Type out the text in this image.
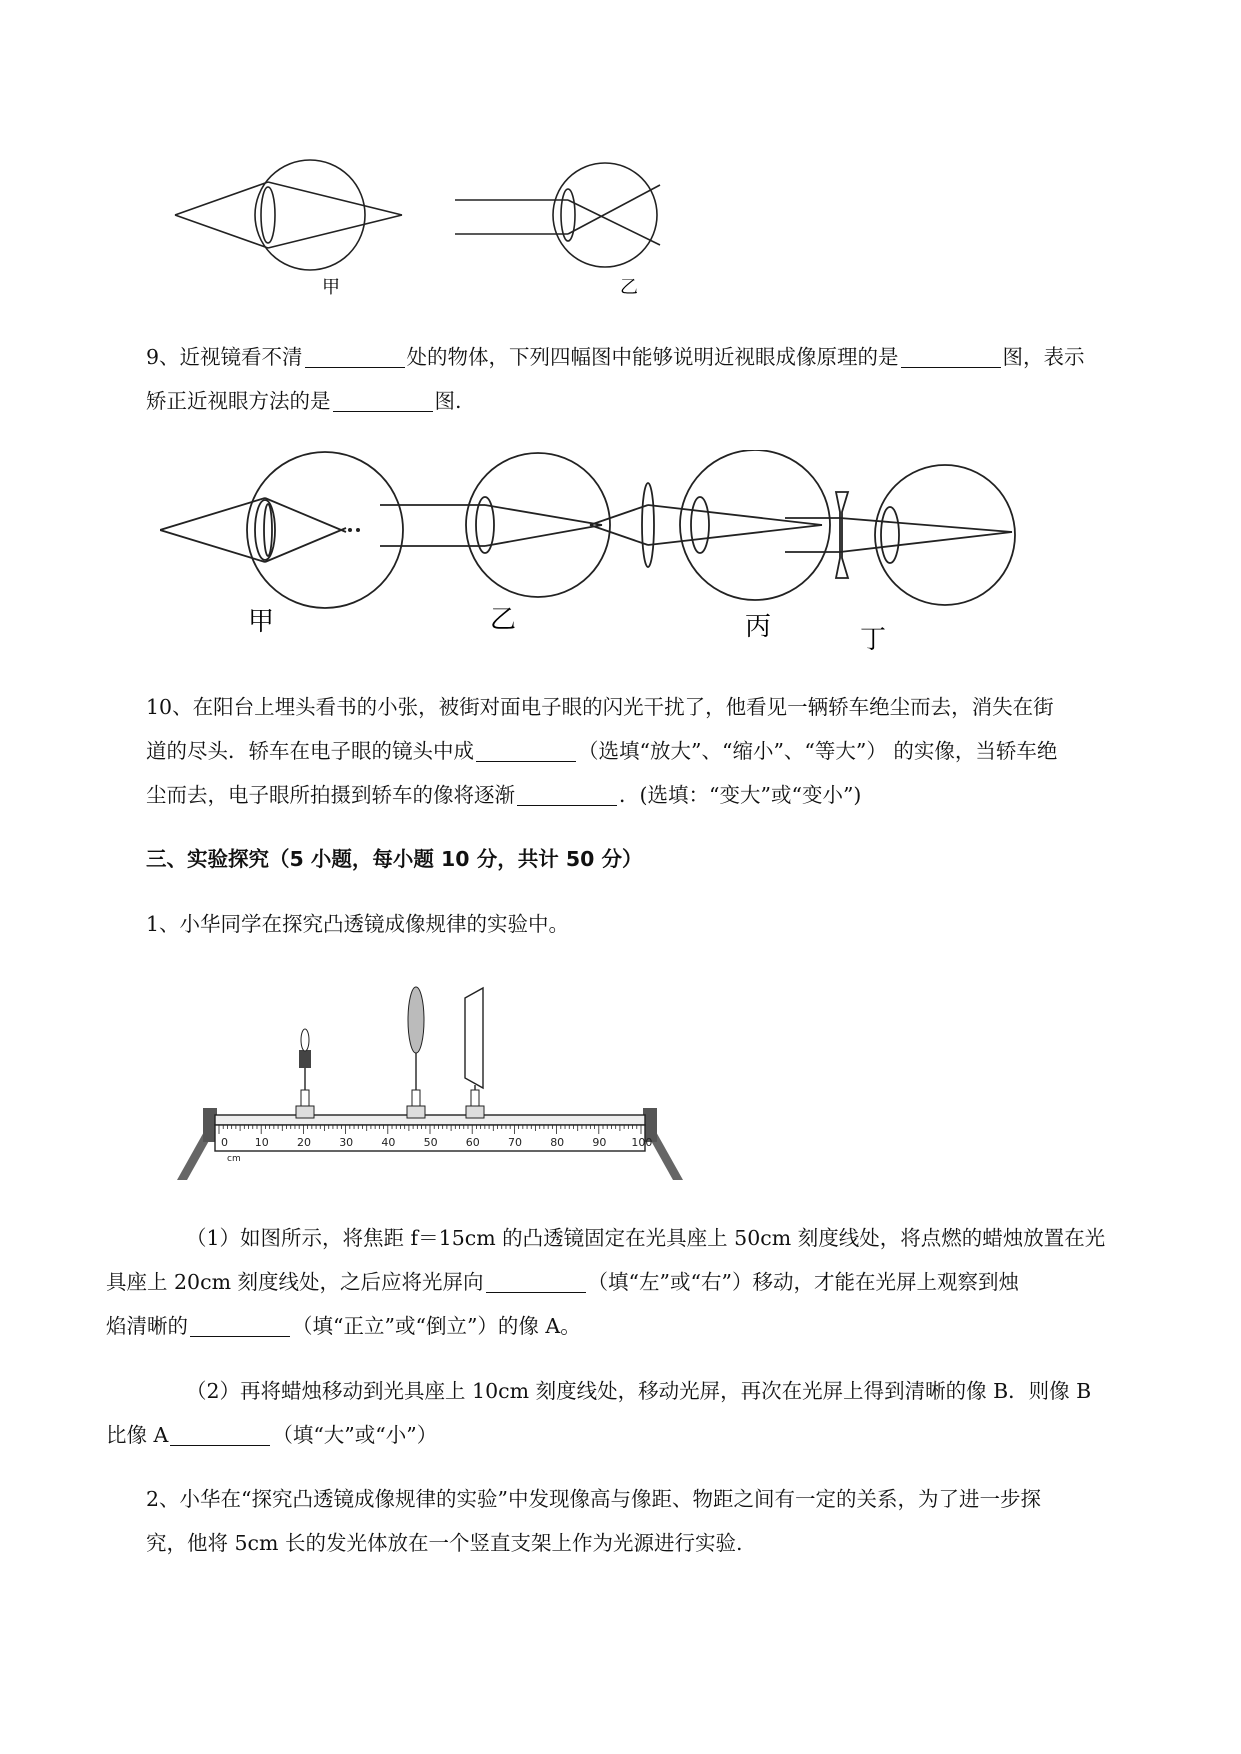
甲	乙
9、近视镜看不清	处的物体，下列四幅图中能够说明近视眼成像原理的是	图，表示
矫正近视眼方法的是	图.
甲	乙	丙	丁
10、在阳台上埋头看书的小张，被街对面电子眼的闪光干扰了，他看见一辆轿车绝尘而去，消失在街
道的尽头．轿车在电子眼的镜头中成	（选填“放大”、“缩小”、“等大”） 的实像，当轿车绝
尘而去，电子眼所拍摄到轿车的像将逐渐	．(选填：“变大”或“变小”)
三、实验探究（5 小题，每小题 10 分，共计 50 分）
1、小华同学在探究凸透镜成像规律的实验中。
0 10	20	30	40	50	60	70	80	90 100
cm
（1）如图所示，将焦距 f＝15cm 的凸透镜固定在光具座上 50cm 刻度线处，将点燃的蜡烛放置在光
具座上 20cm 刻度线处，之后应将光屏向	（填“左”或“右”）移动，才能在光屏上观察到烛
焰清晰的	（填“正立”或“倒立”）的像 A。
（2）再将蜡烛移动到光具座上 10cm 刻度线处，移动光屏，再次在光屏上得到清晰的像 B．则像 B
比像 A	（填“大”或“小”）
2、小华在“探究凸透镜成像规律的实验”中发现像高与像距、物距之间有一定的关系，为了进一步探
究，他将 5cm 长的发光体放在一个竖直支架上作为光源进行实验.
